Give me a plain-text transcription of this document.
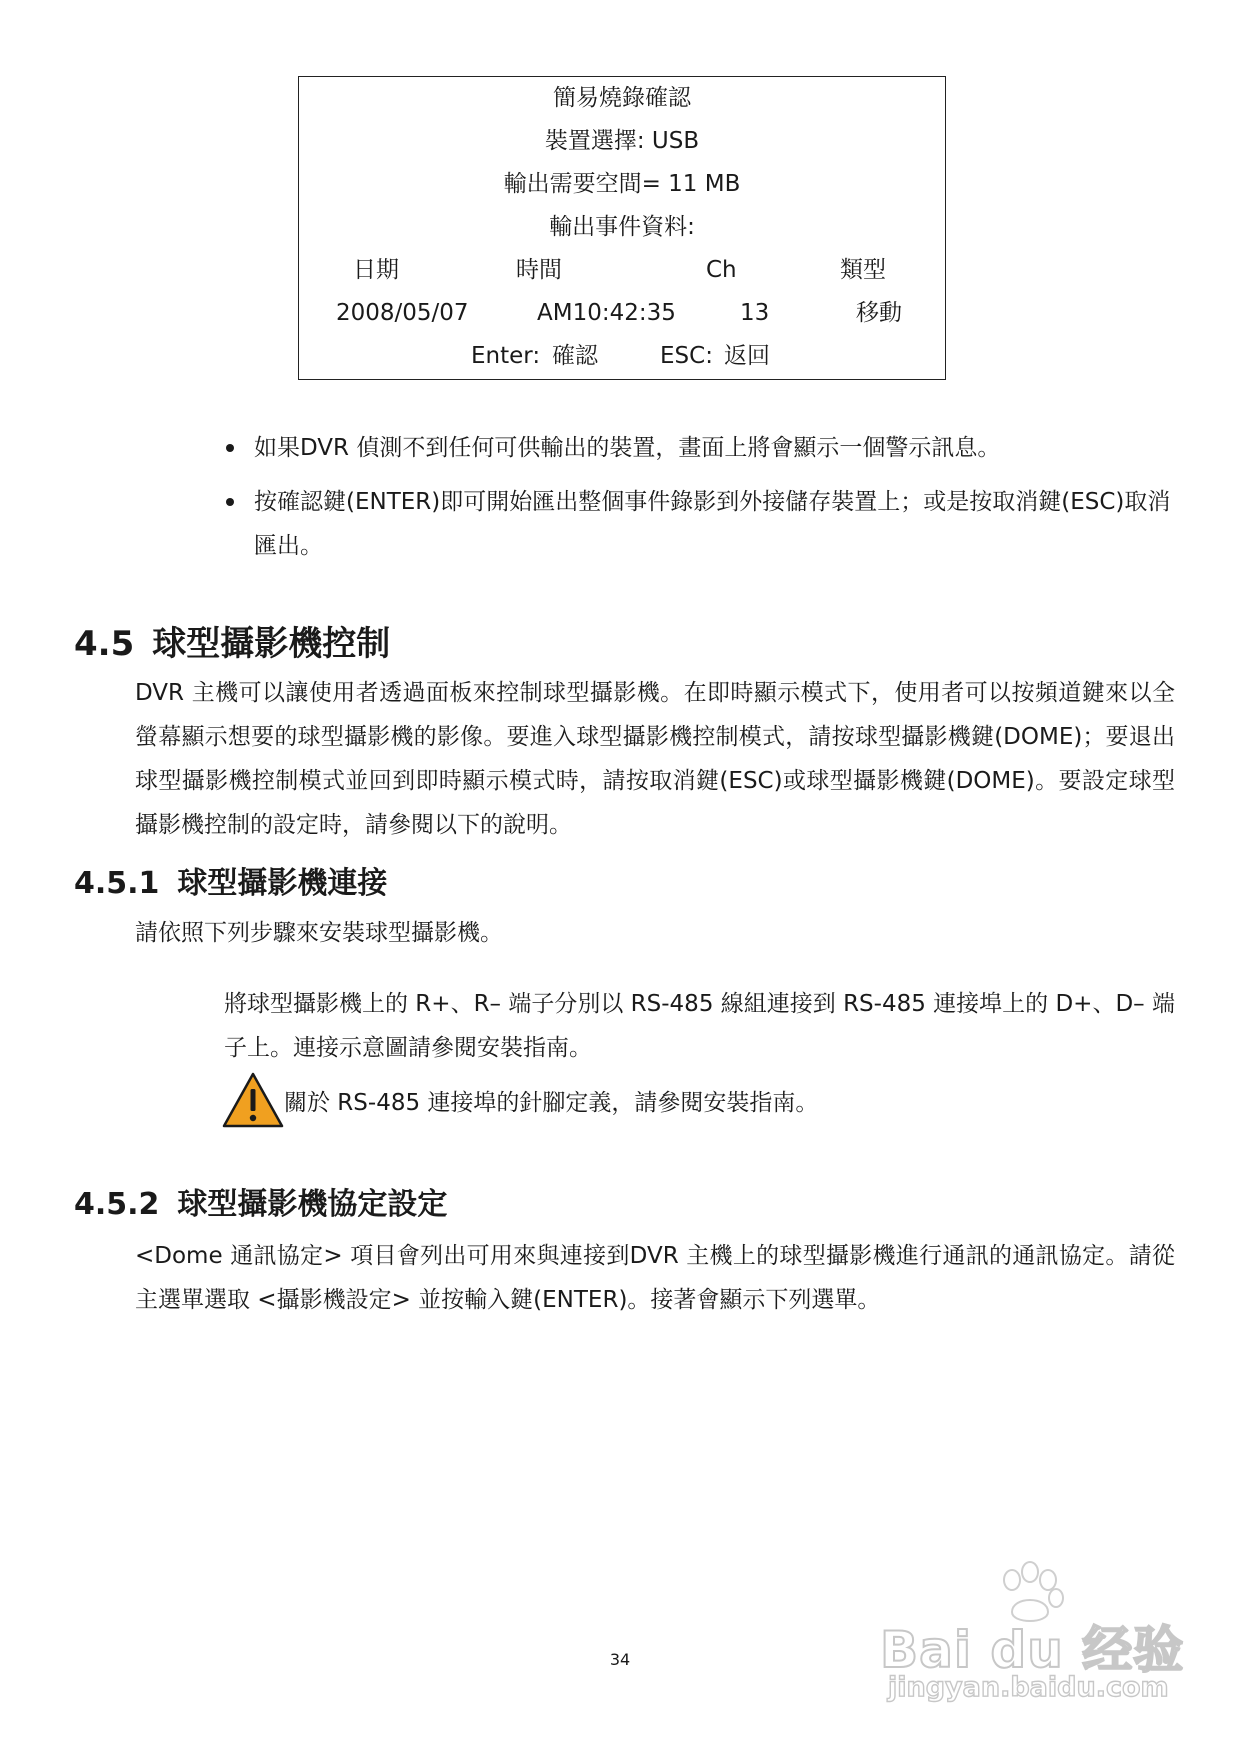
簡易燒錄確認
裝置選擇: USB
輸出需要空間= 11 MB
輸出事件資料:
日期	時間	Ch	類型
2008/05/07	AM10:42:35	13	移動
Enter: 確認	ESC: 返回
如果DVR 偵測不到任何可供輸出的裝置，畫面上將會顯示一個警示訊息。
按確認鍵(ENTER)即可開始匯出整個事件錄影到外接儲存裝置上；或是按取消鍵(ESC)取消匯出。
4.5 球型攝影機控制

DVR 主機可以讓使用者透過面板來控制球型攝影機。在即時顯示模式下，使用者可以按頻道鍵來以全螢幕顯示想要的球型攝影機的影像。要進入球型攝影機控制模式，請按球型攝影機鍵(DOME)；要退出球型攝影機控制模式並回到即時顯示模式時，請按取消鍵(ESC)或球型攝影機鍵(DOME)。要設定球型攝影機控制的設定時，請參閱以下的說明。

4.5.1 球型攝影機連接

請依照下列步驟來安裝球型攝影機。

將球型攝影機上的 R+、R– 端子分別以 RS-485 線組連接到 RS-485 連接埠上的 D+、D– 端子上。連接示意圖請參閱安裝指南。

關於 RS-485 連接埠的針腳定義，請參閱安裝指南。
4.5.2 球型攝影機協定設定

<Dome 通訊協定> 項目會列出可用來與連接到DVR 主機上的球型攝影機進行通訊的通訊協定。請從主選單選取 <攝影機設定> 並按輸入鍵(ENTER)。接著會顯示下列選單。

34	Bai du 经验
jingyan.baidu.com
